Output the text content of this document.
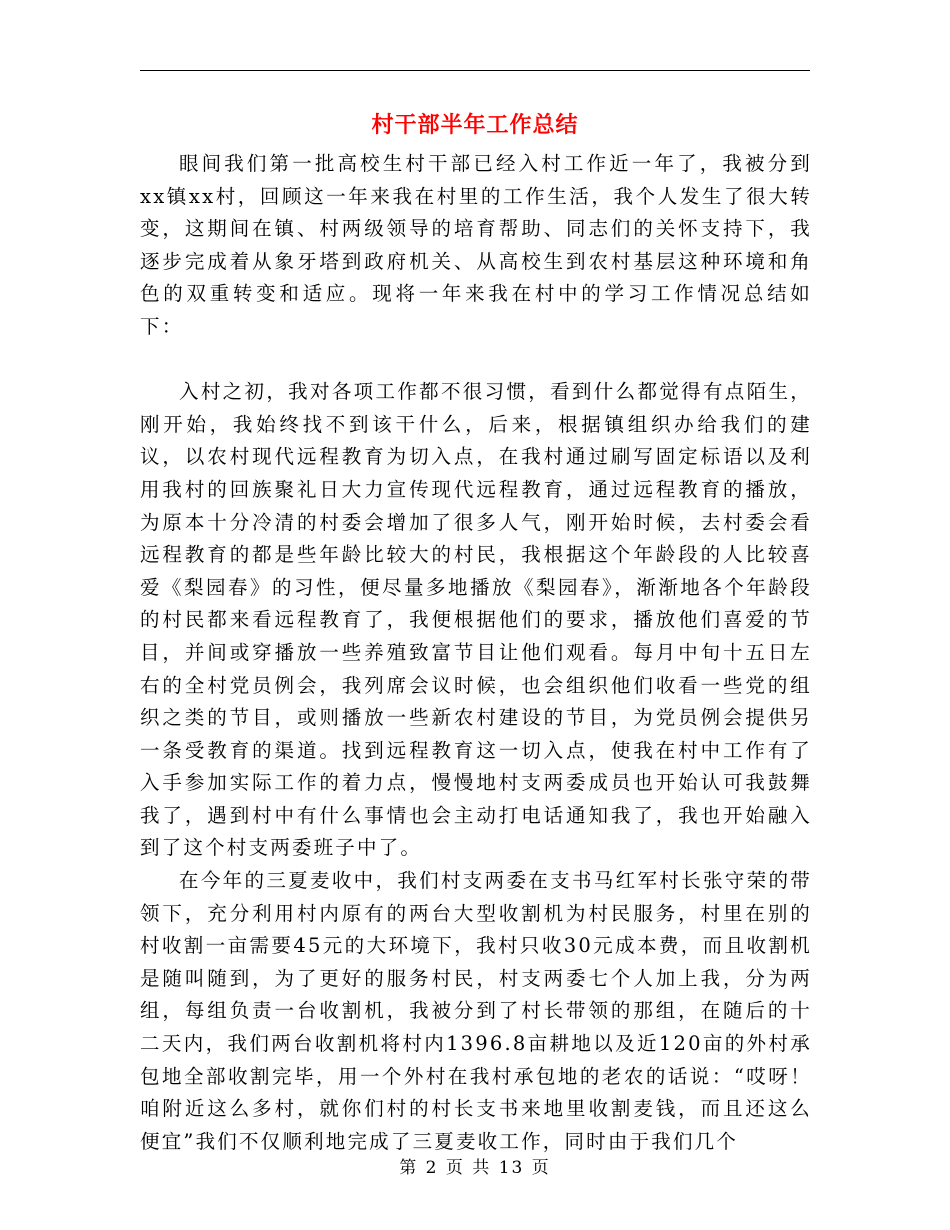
村干部半年工作总结

眼间我们第一批高校生村干部已经入村工作近一年了，我被分到xx镇xx村，回顾这一年来我在村里的工作生活，我个人发生了很大转变，这期间在镇、村两级领导的培育帮助、同志们的关怀支持下，我逐步完成着从象牙塔到政府机关、从高校生到农村基层这种环境和角色的双重转变和适应。现将一年来我在村中的学习工作情况总结如下：

入村之初，我对各项工作都不很习惯，看到什么都觉得有点陌生，刚开始，我始终找不到该干什么，后来，根据镇组织办给我们的建议，以农村现代远程教育为切入点，在我村通过刷写固定标语以及利用我村的回族聚礼日大力宣传现代远程教育，通过远程教育的播放，为原本十分冷清的村委会增加了很多人气，刚开始时候，去村委会看远程教育的都是些年龄比较大的村民，我根据这个年龄段的人比较喜爱《梨园春》的习性，便尽量多地播放《梨园春》，渐渐地各个年龄段的村民都来看远程教育了，我便根据他们的要求，播放他们喜爱的节目，并间或穿播放一些养殖致富节目让他们观看。每月中旬十五日左右的全村党员例会，我列席会议时候，也会组织他们收看一些党的组织之类的节目，或则播放一些新农村建设的节目，为党员例会提供另一条受教育的渠道。找到远程教育这一切入点，使我在村中工作有了入手参加实际工作的着力点，慢慢地村支两委成员也开始认可我鼓舞我了，遇到村中有什么事情也会主动打电话通知我了，我也开始融入到了这个村支两委班子中了。

在今年的三夏麦收中，我们村支两委在支书马红军村长张守荣的带领下，充分利用村内原有的两台大型收割机为村民服务，村里在别的村收割一亩需要45元的大环境下，我村只收30元成本费，而且收割机是随叫随到，为了更好的服务村民，村支两委七个人加上我，分为两组，每组负责一台收割机，我被分到了村长带领的那组，在随后的十二天内，我们两台收割机将村内1396.8亩耕地以及近120亩的外村承包地全部收割完毕，用一个外村在我村承包地的老农的话说：“哎呀！咱附近这么多村，就你们村的村长支书来地里收割麦钱，而且还这么便宜”我们不仅顺利地完成了三夏麦收工作，同时由于我们几个

第 2 页 共 13 页
